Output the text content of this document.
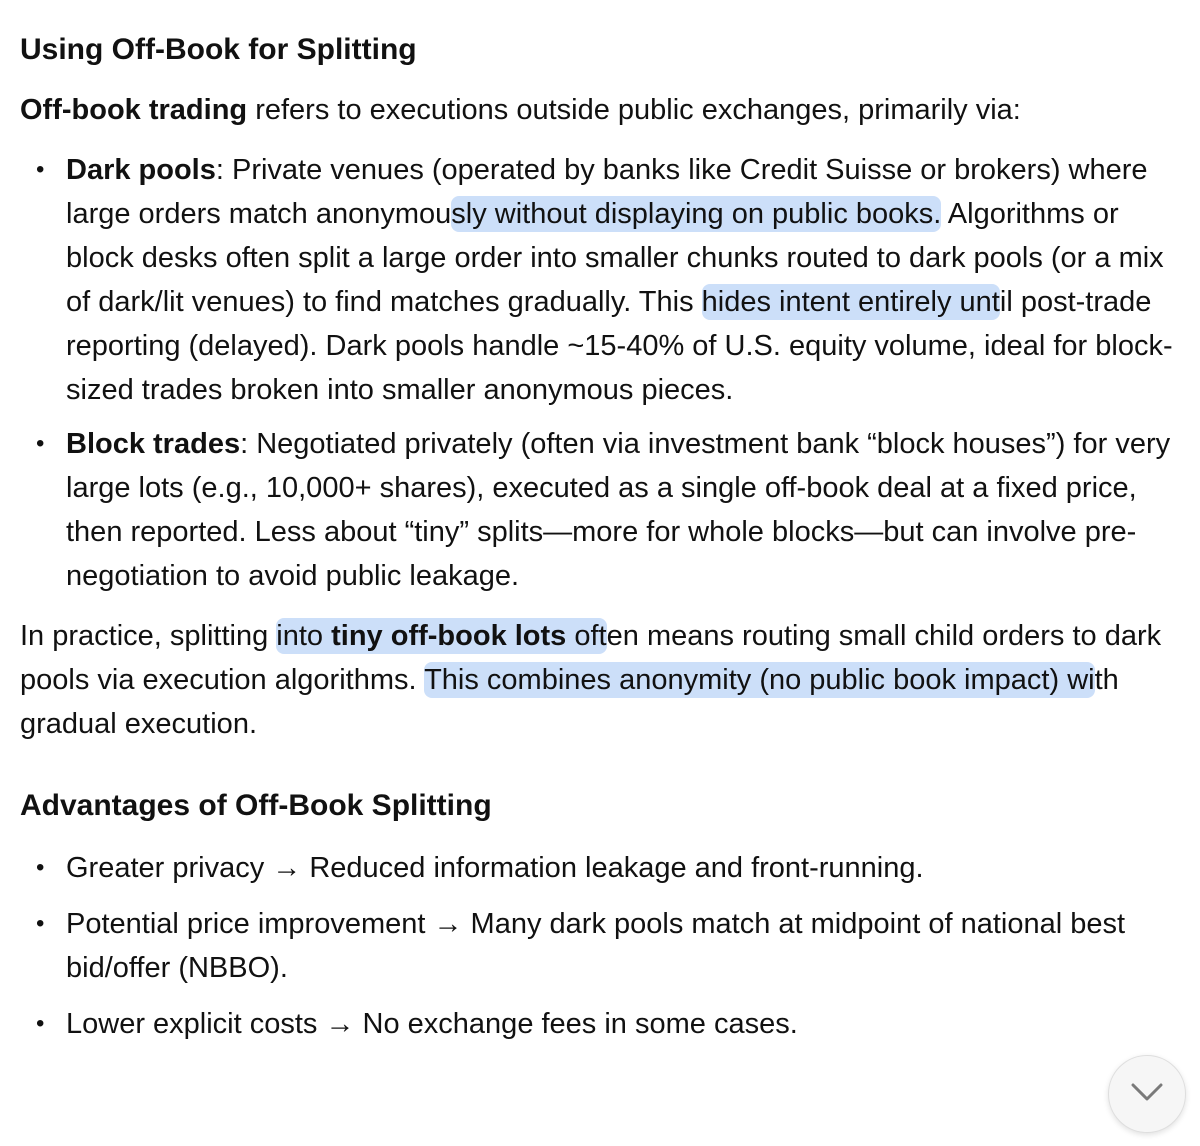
Using Off-Book for Splitting

Off-book trading refers to executions outside public exchanges, primarily via:

• Dark pools: Private venues (operated by banks like Credit Suisse or brokers) where large orders match anonymously without displaying on public books. Algorithms or block desks often split a large order into smaller chunks routed to dark pools (or a mix of dark/lit venues) to find matches gradually. This hides intent entirely until post-trade reporting (delayed). Dark pools handle ~15-40% of U.S. equity volume, ideal for block-sized trades broken into smaller anonymous pieces.
• Block trades: Negotiated privately (often via investment bank “block houses”) for very large lots (e.g., 10,000+ shares), executed as a single off-book deal at a fixed price, then reported. Less about “tiny” splits—more for whole blocks—but can involve pre-negotiation to avoid public leakage.

In practice, splitting into tiny off-book lots often means routing small child orders to dark pools via execution algorithms. This combines anonymity (no public book impact) with gradual execution.

Advantages of Off-Book Splitting
• Greater privacy → Reduced information leakage and front-running.
• Potential price improvement → Many dark pools match at midpoint of national best bid/offer (NBBO).
• Lower explicit costs → No exchange fees in some cases.
